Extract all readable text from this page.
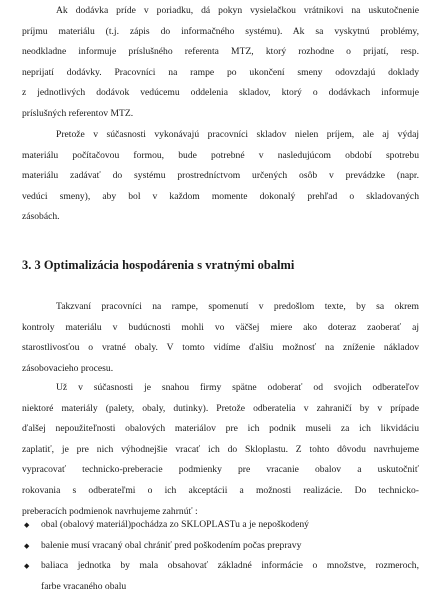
Ak dodávka príde v poriadku, dá pokyn vysielačkou vrátnikovi na uskutočnenie
príjmu materiálu (t.j. zápis do informačného systému). Ak sa vyskytnú problémy,
neodkladne informuje príslušného referenta MTZ, ktorý rozhodne o prijatí, resp.
neprijatí dodávky. Pracovníci na rampe po ukončení smeny odovzdajú doklady
z jednotlivých dodávok vedúcemu oddelenia skladov, ktorý o dodávkach informuje
príslušných referentov MTZ.

Pretože v súčasnosti vykonávajú pracovníci skladov nielen príjem, ale aj výdaj
materiálu počítačovou formou, bude potrebné v nasledujúcom období spotrebu
materiálu zadávať do systému prostredníctvom určených osôb v prevádzke (napr.
vedúci smeny), aby bol v každom momente dokonalý prehľad o skladovaných
zásobách.

3. 3 Optimalizácia hospodárenia s vratnými obalmi

Takzvaní pracovníci na rampe, spomenutí v predošlom texte, by sa okrem
kontroly materiálu v budúcnosti mohli vo väčšej miere ako doteraz zaoberať aj
starostlivosťou o vratné obaly. V tomto vidíme ďalšiu možnosť na zníženie nákladov
zásobovacieho procesu.

Už v súčasnosti je snahou firmy spätne odoberať od svojich odberateľov
niektoré materiály (palety, obaly, dutinky). Pretože odberatelia v zahraničí by v prípade
ďalšej nepoužiteľnosti obalových materiálov pre ich podnik museli za ich likvidáciu
zaplatiť, je pre nich výhodnejšie vracať ich do Skloplastu. Z tohto dôvodu navrhujeme
vypracovať technicko-preberacie podmienky pre vracanie obalov a uskutočniť
rokovania s odberateľmi o ich akceptácii a možnosti realizácie. Do technicko-
preberacích podmienok navrhujeme zahrnúť :

◆ obal (obalový materiál)pochádza zo SKLOPLASTu a je nepoškodený
◆ balenie musí vracaný obal chrániť pred poškodením počas prepravy
◆ baliaca jednotka by mala obsahovať základné informácie o množstve, rozmeroch,
farbe vracaného obalu
